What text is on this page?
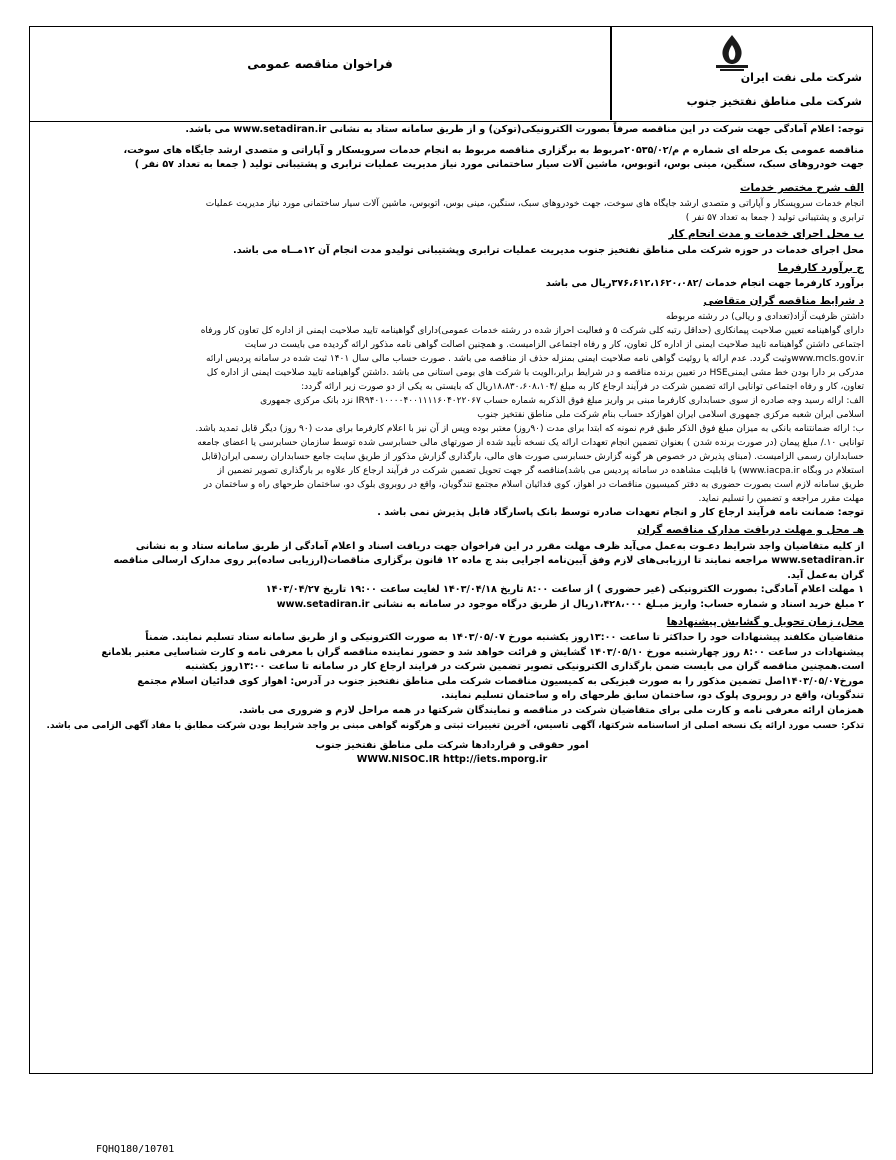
فراخوان مناقصه عمومی
شرکت ملی نفت ایران
شرکت ملی مناطق نفتخیز جنوب

توجه: اعلام آمادگی جهت شرکت در این مناقصه صرفاً بصورت الکترونیکی(توکن) و از طریق سامانه ستاد به نشانی www.setadiran.ir می باشد.

مناقصه عمومی یک مرحله ای شماره م م/۲۰۵۳۵/۰۲مربوط به برگزاری مناقصه مربوط به انجام خدمات سرویسکار و آپاراتی و متصدی ارشد جایگاه های سوخت،

جهت خودروهای سبک، سنگین، مینی بوس، اتوبوس، ماشین آلات سیار ساختمانی مورد نیاز مدیریت عملیات ترابری و پشتیبانی تولید ( جمعا به تعداد ۵۷ نفر )

الف شرح مختصر خدمات

انجام خدمات سرویسکار و آپاراتی و متصدی ارشد جایگاه های سوخت، جهت خودروهای سبک، سنگین، مینی بوس، اتوبوس، ماشین آلات سیار ساختمانی مورد نیاز مدیریت عملیات

ترابری و پشتیبانی تولید ( جمعا به تعداد ۵۷ نفر )

ب محل اجرای خدمات و مدت انجام کار

محل اجرای خدمات در حوزه شرکت ملی مناطق نفتخیز جنوب مدیریت عملیات ترابری وپشتیبانی تولیدو مدت انجام آن ۱۲مــاه می باشد.

ج برآورد کارفرما

برآورد کارفرما جهت انجام خدمات /۳۷۶،۶۱۲،۱۶۲۰،۰۸۲ریال می باشد

د شرایط مناقصه گران متقاضی

داشتن ظرفیت آزاد(تعدادی و ریالی) در رشته مربوطه

دارای گواهینامه تعیین صلاحیت پیمانکاری (حداقل رتبه کلی شرکت ۵ و فعالیت احراز شده در رشته خدمات عمومی)دارای گواهینامه تایید صلاحیت ایمنی از اداره کل تعاون کار ورفاه

اجتماعی داشتن گواهینامه تایید صلاحیت ایمنی از اداره کل تعاون، کار و رفاه اجتماعی الزامیست. و همچنین اصالت گواهی نامه مذکور ارائه گردیده می بایست در سایت

www.mcls.gov.irوثیت گردد. عدم ارائه یا روئیت گواهی نامه صلاحیت ایمنی بمنزله حذف از مناقصه می باشد . صورت حساب مالی سال ۱۴۰۱ ثبت شده در سامانه پردیس ارائه

مدرکی بر دارا بودن خط مشی ایمنیHSE در تعیین برنده مناقصه و در شرایط برابر،الویت با شرکت های بومی استانی می باشد .داشتن گواهینامه تایید صلاحیت ایمنی از اداره کل

تعاون، کار و رفاه اجتماعی توانایی ارائه تضمین شرکت در فرآیند ارجاع کار به مبلغ /۱۸،۸۳۰،۶۰۸،۱۰۴ریال که بایستی به یکی از دو صورت زیر ارائه گردد:

الف: ارائه رسید وجه صادره از سوی حسابداری کارفرما مبنی بر واریز مبلغ فوق الذکربه شماره حساب IR۹۴۰۱۰۰۰۰۴۰۰۱۱۱۱۶۰۴۰۲۲۰۶۷ نزد بانک مرکزی جمهوری

اسلامی ایران شعبه مرکزی جمهوری اسلامی ایران اهوازکد حساب بنام شرکت ملی مناطق نفتخیز جنوب

ب: ارائه ضمانتنامه بانکی به میزان مبلغ فوق الذکر طبق فرم نمونه که ابتدا برای مدت (۹۰روز) معتبر بوده وپس از آن نیز با اعلام کارفرما برای مدت (۹۰ روز) دیگر قابل تمدید باشد.

توانایی ۱۰./ مبلغ پیمان (در صورت برنده شدن ) بعنوان تضمین انجام تعهدات ارائه یک نسخه تأیید شده از صورتهای مالی حسابرسی شده توسط سازمان حسابرسی یا اعضای جامعه

حسابداران رسمی الزامیست. (مبنای پذیرش در خصوص هر گونه گزارش حسابرسی صورت های مالی، بارگذاری گزارش مذکور از طریق سایت جامع حسابداران رسمی ایران(قابل

استعلام در وبگاه www.iacpa.ir) با قابلیت مشاهده در سامانه پردیس می باشد)مناقصه گر جهت تحویل تضمین شرکت در فرآیند ارجاع کار علاوه بر بارگذاری تصویر تضمین از

طریق سامانه لازم است بصورت حضوری به دفتر کمیسیون مناقصات در اهواز، کوی فدائیان اسلام مجتمع تندگویان، واقع در روبروی بلوک دو، ساختمان طرحهای راه و ساختمان در

مهلت مقرر مراجعه و تضمین را تسلیم نماید.

توجه: ضمانت نامه فرآیند ارجاع کار و انجام تعهدات صادره توسط بانک پاسارگاد قابل پذیرش نمی باشد .

هـ محل و مهلت دریافت مدارک مناقصه گران

از کلیه متقاضیان واجد شرایط دعـوت به‌عمل می‌آید ظرف مهلت مقرر در این فراخوان جهت دریافت اسناد و اعلام آمادگی از طریق سامانه ستاد و به نشانی

www.setadiran.ir مراجعه نمایند تا ارزیابی‌های لازم وفق آیین‌نامه اجرایی بند ج ماده ۱۲ قانون برگزاری مناقصات(ارزیابی ساده)بر روی مدارک ارسالی مناقصه

گران به‌عمل آید.

۱ مهلت اعلام آمادگی: بصورت الکترونیکی (غیر حضوری ) از ساعت ۸:۰۰ تاریخ ۱۴۰۳/۰۴/۱۸ لغایت ساعت ۱۹:۰۰ تاریخ ۱۴۰۳/۰۴/۲۷

۲ مبلغ خرید اسناد و شماره حساب: واریز مبـلغ ۱،۴۲۸،۰۰۰ریال از طریق درگاه موجود در سامانه به نشانی www.setadiran.ir

محل، زمان تحویل و گشایش پیشنهادها

متقاضیان مکلفند پیشنهادات خود را حداکثر تا ساعت ۱۳:۰۰روز یکشنبه مورخ ۱۴۰۳/۰۵/۰۷ به صورت الکترونیکی و از طریق سامانه ستاد تسلیم نمایند. ضمناً

پیشنهادات در ساعت ۸:۰۰ روز چهارشنبه مورخ ۱۴۰۳/۰۵/۱۰ گشایش و قرائت خواهد شد و حضور نماینده مناقصه گران با معرفی نامه و کارت شناسایی معتبر بلامانع

است.همچنین مناقصه گران می بایست ضمن بارگذاری الکترونیکی تصویر تضمین شرکت در فرایند ارجاع کار در سامانه تا ساعت ۱۳:۰۰روز یکشنبه

مورخ۱۴۰۳/۰۵/۰۷اصل تضمین مذکور را به صورت فیزیکی به کمیسیون مناقصات شرکت ملی مناطق نفتخیز جنوب در آدرس: اهواز کوی فدائیان اسلام مجتمع

تندگویان، واقع در روبروی پلوک دو، ساختمان سابق طرحهای راه و ساختمان تسلیم نمایند.

همزمان ارائه معرفی نامه و کارت ملی برای متقاضیان شرکت در مناقصه و نمایندگان شرکتها در همه مراحل لازم و ضروری می باشد.

تذکر: حسب مورد ارائه یک نسخه اصلی از اساسنامه شرکتها، آگهی تاسیس، آخرین تغییرات ثبتی و هرگونه گواهی مبنی بر واجد شرایط بودن شرکت مطابق با مفاد آگهی الزامی می باشد.

امور حقوقی و قراردادها شرکت ملی مناطق نفتخیز جنوب

WWW.NISOC.IR http://iets.mporg.ir

FQHQ180/10701
